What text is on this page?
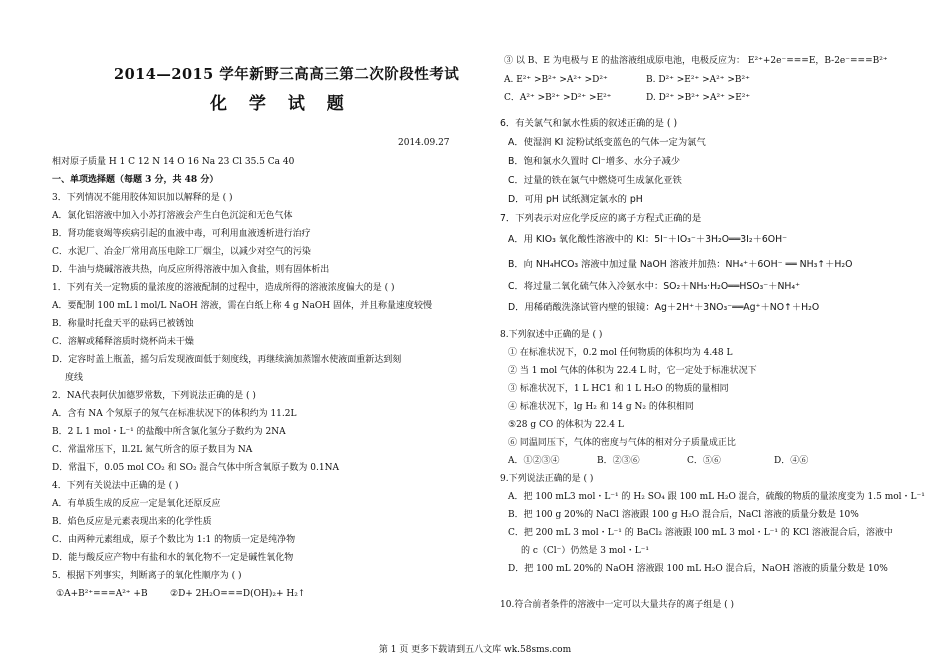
2014—2015 学年新野三高高三第二次阶段性考试
化 学 试 题
2014.09.27
相对原子质量 H 1 C 12 N 14 O 16 Na 23 Cl 35.5 Ca 40
一、单项选择题（每题 3 分，共 48 分）
3．下列情况不能用胶体知识加以解释的是 ( )
A．氯化铝溶液中加入小苏打溶液会产生白色沉淀和无色气体
B．肾功能衰竭等疾病引起的血液中毒，可利用血液透析进行治疗
C．水泥厂、冶金厂常用高压电除工厂烟尘，以减少对空气的污染
D．牛油与烧碱溶液共热，向反应所得溶液中加入食盐，则有固体析出
1．下列有关一定物质的量浓度的溶液配制的过程中，造成所得的溶液浓度偏大的是 ( )
A．要配制 100 mL l mol/L NaOH 溶液，需在白纸上称 4 g NaOH 固体，并且称量速度较慢
B．称量时托盘天平的砝码已被锈蚀
C．溶解或稀释溶质时烧杯尚未干燥
D．定容时盖上瓶盖，摇匀后发现液面低于刻度线，再继续滴加蒸馏水使液面重新达到刻
度线
2．NA代表阿伏加德罗常数，下列说法正确的是 ( )
A．含有 NA 个氖原子的氖气在标准状况下的体积约为 11.2L
B．2 L 1 mol・L⁻¹ 的盐酸中所含氯化氢分子数约为 2NA
C．常温常压下，ll.2L 氮气所含的原子数目为 NA
D．常温下，0.05 mol CO₂ 和 SO₂ 混合气体中所含氧原子数为 0.1NA
4．下列有关说法中正确的是 ( )
A．有单质生成的反应一定是氧化还原反应
B．焰色反应是元素表现出来的化学性质
C．由两种元素组成，原子个数比为 1:1 的物质一定是纯净物
D．能与酸反应产物中有盐和水的氧化物不一定是碱性氧化物
5．根据下列事实，判断离子的氧化性顺序为 ( )
①A+B²⁺===A²⁺ +B ②D+ 2H₂O===D(OH)₂+ H₂↑
③ 以 B、E 为电极与 E 的盐溶液组成原电池，电极反应为： E²⁺+2e⁻===E，B-2e⁻===B²⁺
A. E²⁺ >B²⁺ >A²⁺ >D²⁺	B. D²⁺ >E²⁺ >A²⁺ >B²⁺
C．A²⁺ >B²⁺ >D²⁺ >E²⁺	D. D²⁺ >B²⁺ >A²⁺ >E²⁺
6．有关氯气和氯水性质的叙述正确的是 ( )
A．使湿润 KI 淀粉试纸变蓝色的气体一定为氯气
B．饱和氯水久置时 Cl⁻增多、水分子减少
C．过量的铁在氯气中燃烧可生成氯化亚铁
D．可用 pH 试纸测定氯水的 pH
7．下列表示对应化学反应的离子方程式正确的是
A．用 KIO₃ 氧化酸性溶液中的 KI：5I⁻＋IO₃⁻＋3H₂O══3I₂＋6OH⁻
B．向 NH₄HCO₃ 溶液中加过量 NaOH 溶液并加热：NH₄⁺＋6OH⁻ ══ NH₃↑＋H₂O
C．将过量二氧化硫气体入冷氨水中：SO₂＋NH₃·H₂O══HSO₃⁻＋NH₄⁺
D．用稀硝酸洗涤试管内壁的银镜：Ag＋2H⁺＋3NO₃⁻══Ag⁺＋NO↑＋H₂O
8.下列叙述中正确的是 ( )
① 在标准状况下，0.2 mol 任何物质的体积均为 4.48 L
② 当 1 mol 气体的体积为 22.4 L 时，它一定处于标准状况下
③ 标准状况下，1 L HC1 和 1 L H₂O 的物质的量相同
④ 标准状况下，lg H₂ 和 14 g N₂ 的体积相同
⑤28 g CO 的体积为 22.4 L
⑥ 同温同压下，气体的密度与气体的相对分子质量成正比
A．①②③④	B．②③⑥	C．⑤⑥	D．④⑥
9.下列说法正确的是 ( )
A．把 100 mL3 mol・L⁻¹ 的 H₂ SO₄ 跟 100 mL H₂O 混合，硫酸的物质的量浓度变为 1.5 mol・L⁻¹
B．把 100 g 20%的 NaCl 溶液跟 100 g H₂O 混合后，NaCl 溶液的质量分数是 10%
C．把 200 mL 3 mol・L⁻¹ 的 BaCl₂ 溶液跟 l00 mL 3 mol・L⁻¹ 的 KCl 溶液混合后，溶液中
的 c（Cl⁻）仍然是 3 mol・L⁻¹
D．把 100 mL 20%的 NaOH 溶液跟 100 mL H₂O 混合后，NaOH 溶液的质量分数是 10%
10.符合前者条件的溶液中一定可以大量共存的离子组是 ( )
第 1 页 更多下载请到五八文库 wk.58sms.com
